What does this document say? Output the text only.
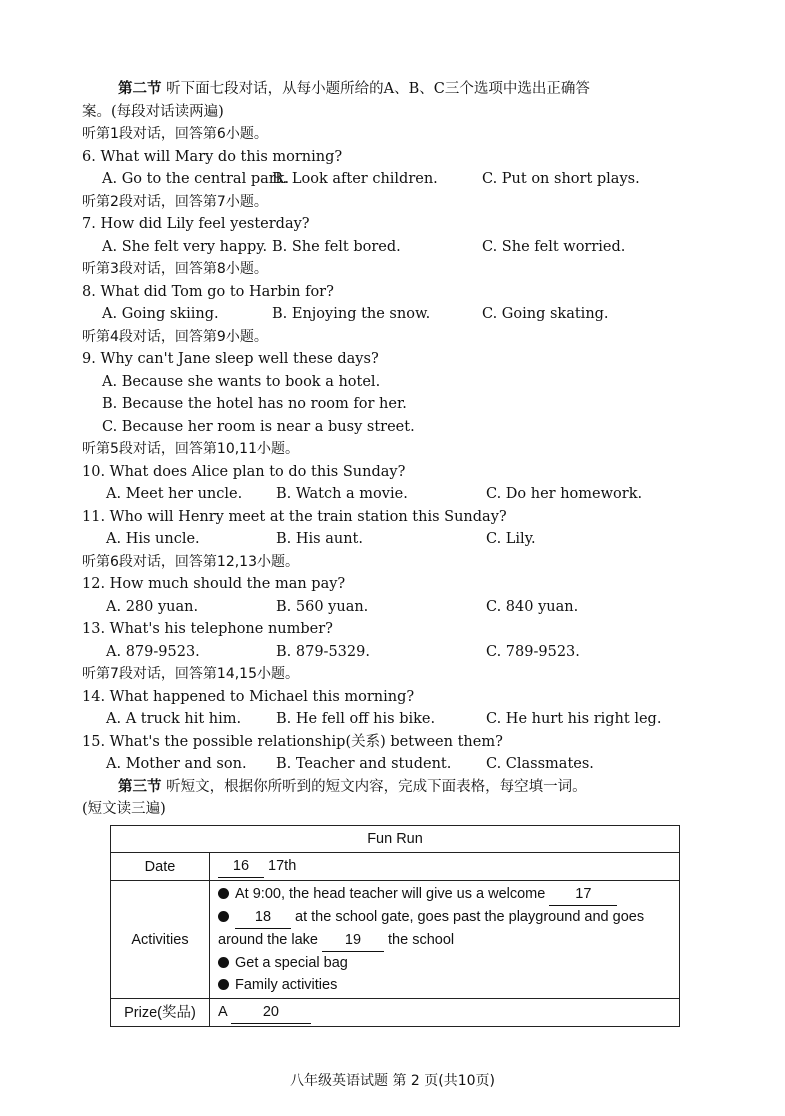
第二节 听下面七段对话，从每小题所给的A、B、C三个选项中选出正确答
案。(每段对话读两遍)
听第1段对话，回答第6小题。
6. What will Mary do this morning?
A. Go to the central park.
B. Look after children.	C. Put on short plays.
听第2段对话，回答第7小题。
7. How did Lily feel yesterday?
A. She felt very happy. B. She felt bored.	C. She felt worried.
听第3段对话，回答第8小题。
8. What did Tom go to Harbin for?
A. Going skiing.	B. Enjoying the snow.	C. Going skating.
听第4段对话，回答第9小题。
9. Why can't Jane sleep well these days?
A. Because she wants to book a hotel.
B. Because the hotel has no room for her.
C. Because her room is near a busy street.
听第5段对话，回答第10,11小题。
10. What does Alice plan to do this Sunday?
A. Meet her uncle.	B. Watch a movie.	C. Do her homework.
11. Who will Henry meet at the train station this Sunday?
A. His uncle.	B. His aunt.	C. Lily.
听第6段对话，回答第12,13小题。
12. How much should the man pay?
A. 280 yuan.	B. 560 yuan.	C. 840 yuan.
13. What's his telephone number?
A. 879-9523.	B. 879-5329.	C. 789-9523.
听第7段对话，回答第14,15小题。
14. What happened to Michael this morning?
A. A truck hit him.	B. He fell off his bike.	C. He hurt his right leg.
15. What's the possible relationship(关系) between them?
A. Mother and son.	B. Teacher and student.	C. Classmates.
第三节 听短文，根据你所听到的短文内容，完成下面表格，每空填一词。
(短文读三遍)
Fun Run	
Date	16 17th
Activities	At 9:00, the head teacher will give us a welcome 17
18 at the school gate, goes past the playground and goes
around the lake 19 the school
Get a special bag
Family activities

Prize(奖品)	A 20
八年级英语试题 第 2 页(共10页)
